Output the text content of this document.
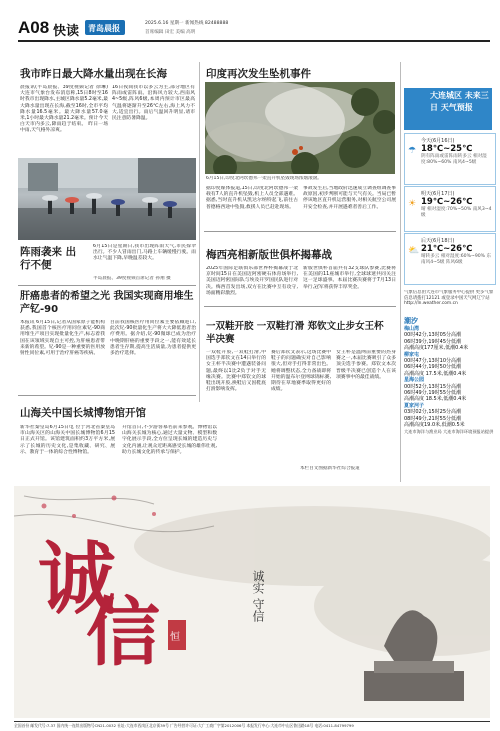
A08 快读 青岛晨报
2025.6.16 星期一 新闻热线 82488888
首席编辑 田宏 美编 高明
我市昨日最大降水量出现在长海
晨报讯(半岛晨报、39度视频记者 徐琳)大连市气象台发布消息称,15日8时至16时我市出现降水,主城区降水量5.2毫米,最大降水量出现在长海,截至16时,全市平均降水量16.5毫米。最大降水量57.0毫米,1小时最大降水量21.2毫米。预计今天白天市内多云,降雨趋于结束。 昨日一场中雨,天气格外凉爽。
16日夜间我市以多云为主,部分地区有阵雨或雷阵雨。沿海风力较大,西南风4~5级,阵风6级,本周内预计市区最高气温将逐渐升至26℃左右,海上风力不大,适宜出行。雨后气温回升明显,请市民注意防暑降温。
阵雨袭来 出行不便
6月15日是星期日,我市出现阵雨天气,市民撑伞出行。不少人冒雨出门,马路上车辆缓慢行驶。雨水让气温下降,早晚温差较大。
半岛晨报、39度视频首席记者 孙翔 摄
肝癌患者的希望之光 我国实现商用堆生产钇-90
本报讯 6月15日,记者从国家原子能机构获悉,我国首个核医疗用同位素钇-90商用堆生产项目实现批量化生产,标志着我国在该领域实现自主可控,为肝癌患者带来新的希望。钇-90是一种重要的医用放射性同位素,可用于治疗肝癌等疾病。
目前我国核医疗用同位素主要依赖进口,此次钇-90批量化生产将大大降低患者治疗费用。据介绍,钇-90微球已成为治疗中晚期肝癌的重要手段之一,能有效延长患者生存期,提高生活质量,为患者提供更多治疗选择。
山海关中国长城博物馆开馆
新华社秦皇岛6月15日电 位于河北省秦皇岛市山海关区的山海关中国长城博物馆6月15日正式开馆。该馆建筑面积约3万平方米,展示了长城的历史文化,是集收藏、研究、展示、教育于一体的综合性博物馆。
开馆首日,不少游客慕名前来参观。博物馆以山海关长城为核心,通过大量文物、模型和数字化展示手段,全方位呈现长城的建造历史与文化内涵,让观众近距离感受长城的雄伟壮观,助力长城文化的传承与保护。
印度再次发生坠机事件
6月15日,印度北阿坎德邦一架直升机坠毁现场浓烟滚滚。
据印度媒体报道,15日,印度北阿坎德邦一架载有7人的直升机坠毁,机上人员全部遇难。据悉,当时直升机从凯达尔纳特起飞,前往古普德格西途中坠毁,救援人员已赶赴现场。
事故发生后,当地政府迅速成立调查组调查事故原因,初步判断可能与天气有关。当局已暂停该地区直升机运营服务,对相关航空公司展开安全检查,并开展遇难者善后工作。
梅西亮相新版世俱杯揭幕战
2025年国际足联俱乐部世界杯揭幕战于北京时间15日在美国迈阿密硬石体育场举行,美国迈阿密国际队与埃及开罗国民队进行对决。梅西首发出场,双方在比赛中互有攻守,场面精彩激烈。
新版世俱杯首届共有32支球队参赛,比赛将在美国的11座城市举行,全球球迷共同关注这一足球盛事。本届比赛决赛将于7月13日举行,冠军将获得丰厚奖金。
一双鞋开胶 一双鞋打滑 郑钦文止步女王杯半决赛
一双鞋开胶,一双鞋打滑,中国选手郑钦文在14日举行的女王杯半决赛中遭遇装备问题,最终以1比2负于对手无缘决赛。比赛中郑钦文的球鞋出现开胶,换鞋后又因鞋底打滑影响发挥。
赛后郑钦文表示,这场比赛中鞋子的问题确实对自己影响很大,但对手打得非常出色。她将调整状态,全力备战即将开始的温布尔登网球锦标赛,期待在草地赛季取得更好的成绩。
女王杯是温网前重要的热身赛之一,本届比赛吸引了众多顶尖选手参赛。郑钦文本次晋级半决赛已创造个人在该项赛事中的最佳战绩。
本栏目文图据新华社综合报道
大连城区 未来三日 天气预报
今天(6月16日)
18℃~25℃
阴有阵雨或雷阵雨转多云 相对湿度:80%~60% 南风4~5级
☂
明天(6月17日)
19℃~26℃
晴 相对湿度:70%~50% 南风3~4级
☀
后天(6月18日)
21℃~26℃
晴转多云 相对湿度:60%~90% 东南风4~5级 阵风6级
⛅
气象信息由大连市气象服务中心提供 更多气象信息请拨打12121 或登录中国天气网辽宁站 http://ln.weather.com.cn
潮汐
梅山湾
00时42分,13时05分高潮
06时39分,19时45分低潮
高潮高度177厘米,低潮0.4米
柳家屯
00时47分,13时10分高潮
06时44分,19时50分低潮
高潮高度 17.5米,低潮0.4米
星海公园
00时52分,13时15分高潮
06时49分,19时55分低潮
高潮高度 18.5米,低潮0.4米
夏家河子
03时02分,15时25分高潮
08时49分,21时55分低潮
高潮高度19.0米,低潮0.5米
大连市海洋与渔业局 大连市海洋环境预报站提供
诚
信 恒
诚实 守信
全国首份 邮发代号:7-37 国内统一连续出版物号CN21-0032 社址:大连市西岗区北京街39号 广告经营许可证:大广工商广字第2012006号 本报发行中心:大连市中山区鲁迅路18号 电话:0411-84799799
